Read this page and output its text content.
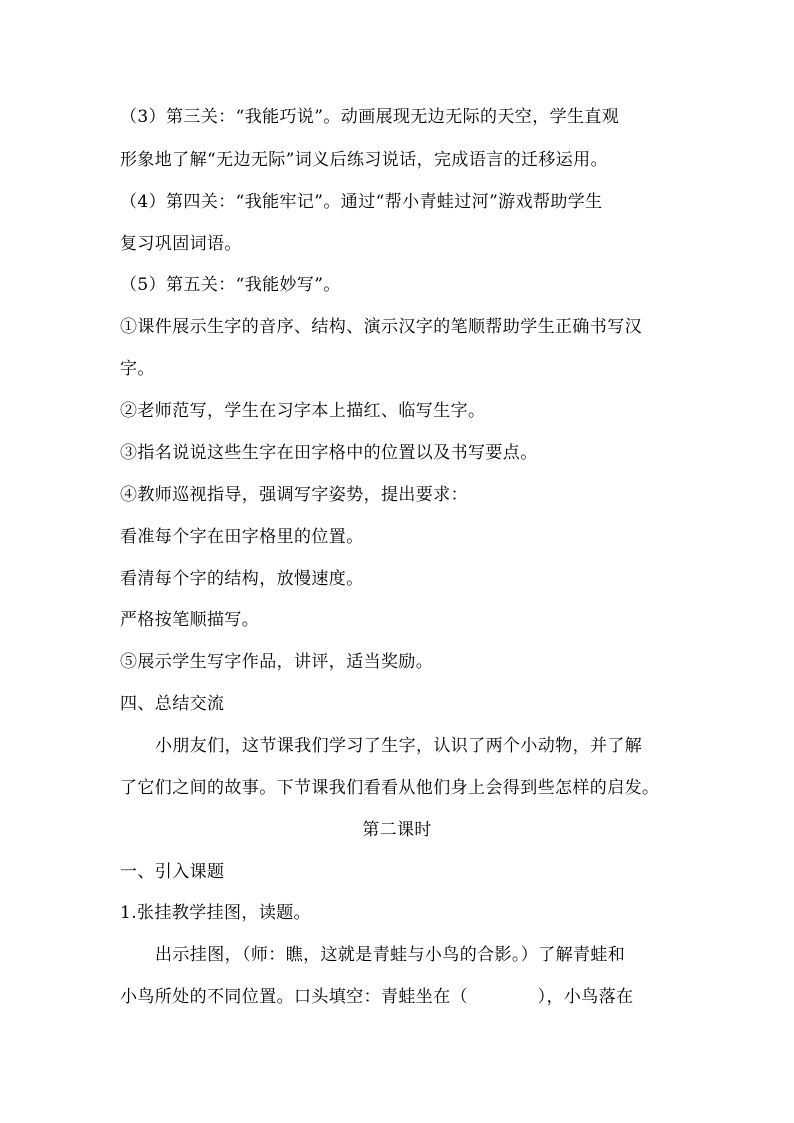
（3）第三关：“我能巧说”。动画展现无边无际的天空，学生直观
形象地了解“无边无际”词义后练习说话，完成语言的迁移运用。
（4）第四关：“我能牢记”。通过“帮小青蛙过河”游戏帮助学生
复习巩固词语。
（5）第五关：“我能妙写”。
①课件展示生字的音序、结构、演示汉字的笔顺帮助学生正确书写汉
字。
②老师范写，学生在习字本上描红、临写生字。
③指名说说这些生字在田字格中的位置以及书写要点。
④教师巡视指导，强调写字姿势，提出要求：
看准每个字在田字格里的位置。
看清每个字的结构，放慢速度。
严格按笔顺描写。
⑤展示学生写字作品，讲评，适当奖励。
四、总结交流
小朋友们，这节课我们学习了生字，认识了两个小动物，并了解
了它们之间的故事。下节课我们看看从他们身上会得到些怎样的启发。
第二课时
一、引入课题
1.张挂教学挂图，读题。
出示挂图，（师：瞧，这就是青蛙与小鸟的合影。）了解青蛙和
小鸟所处的不同位置。口头填空：青蛙坐在（　　　　），小鸟落在
